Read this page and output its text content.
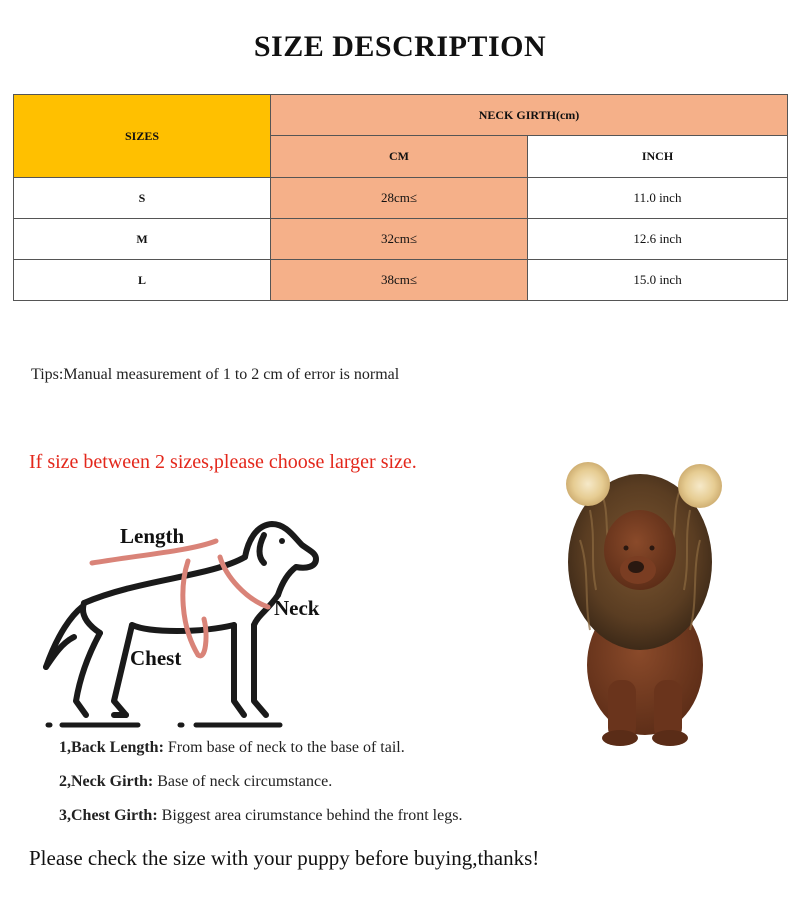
SIZE DESCRIPTION
SIZES	NECK GIRTH(cm)	
	CM	INCH
S	28cm≤	11.0 inch
M	32cm≤	12.6 inch
L	38cm≤	15.0 inch
Tips:Manual measurement of 1 to 2 cm of error is normal
If size between 2 sizes,please choose larger size.
Length
Neck
Chest
1,Back Length: From base of neck to the base of tail.
2,Neck Girth: Base of neck circumstance.
3,Chest Girth: Biggest area cirumstance behind the front legs.
Please check the size with your puppy before buying,thanks!
